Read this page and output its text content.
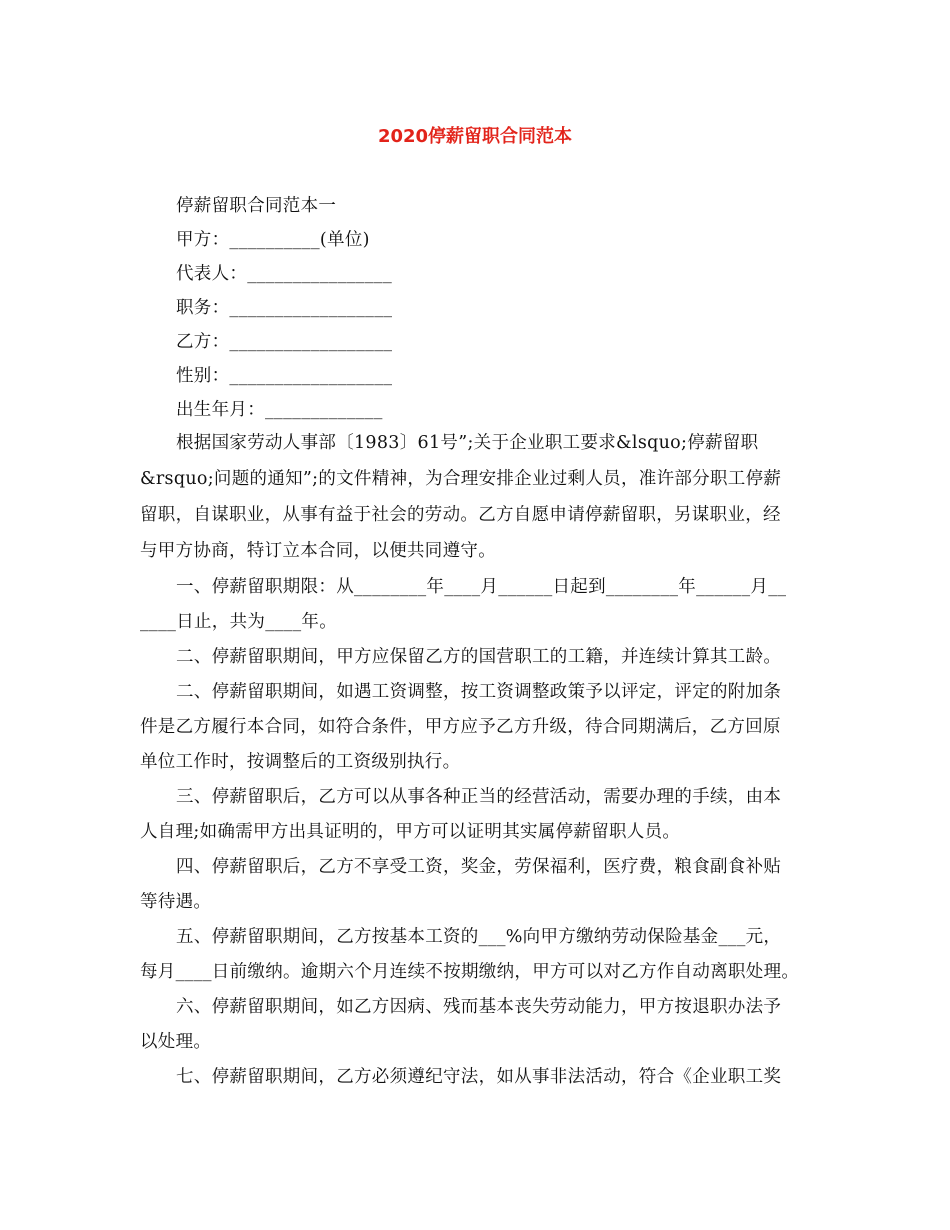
2020停薪留职合同范本
停薪留职合同范本一
甲方：__________(单位)
代表人：________________
职务：__________________
乙方：__________________
性别：__________________
出生年月：_____________
根据国家劳动人事部〔1983〕61号”;关于企业职工要求&lsquo;停薪留职
&rsquo;问题的通知”;的文件精神，为合理安排企业过剩人员，准许部分职工停薪
留职，自谋职业，从事有益于社会的劳动。乙方自愿申请停薪留职，另谋职业，经
与甲方协商，特订立本合同，以便共同遵守。
一、停薪留职期限：从________年____月______日起到________年______月__
____日止，共为____年。
二、停薪留职期间，甲方应保留乙方的国营职工的工籍，并连续计算其工龄。
二、停薪留职期间，如遇工资调整，按工资调整政策予以评定，评定的附加条
件是乙方履行本合同，如符合条件，甲方应予乙方升级，待合同期满后，乙方回原
单位工作时，按调整后的工资级别执行。
三、停薪留职后，乙方可以从事各种正当的经营活动，需要办理的手续，由本
人自理;如确需甲方出具证明的，甲方可以证明其实属停薪留职人员。
四、停薪留职后，乙方不享受工资，奖金，劳保福利，医疗费，粮食副食补贴
等待遇。
五、停薪留职期间，乙方按基本工资的___%向甲方缴纳劳动保险基金___元，
每月____日前缴纳。逾期六个月连续不按期缴纳，甲方可以对乙方作自动离职处理。
六、停薪留职期间，如乙方因病、残而基本丧失劳动能力，甲方按退职办法予
以处理。
七、停薪留职期间，乙方必须遵纪守法，如从事非法活动，符合《企业职工奖
